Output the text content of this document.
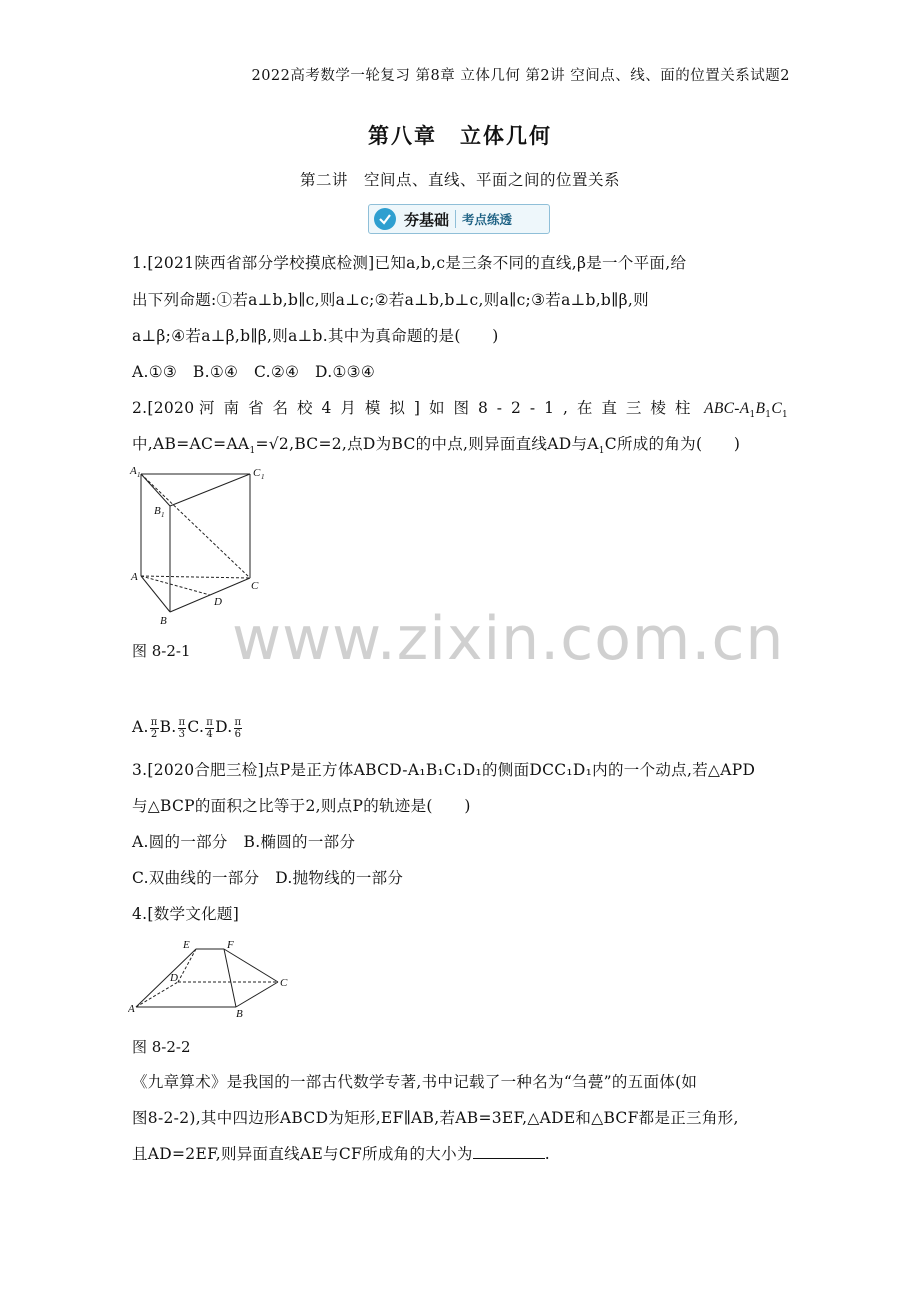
2022高考数学一轮复习 第8章 立体几何 第2讲 空间点、线、面的位置关系试题2
第八章　立体几何
第二讲　空间点、直线、平面之间的位置关系
夯基础 考点练透
1.[2021陕西省部分学校摸底检测]已知a,b,c是三条不同的直线,β是一个平面,给
出下列命题:①若a⊥b,b∥c,则a⊥c;②若a⊥b,b⊥c,则a∥c;③若a⊥b,b∥β,则
a⊥β;④若a⊥β,b∥β,则a⊥b.其中为真命题的是(　　)
A.①③　B.①④　C.②④　D.①③④
2.[2020 河南省名校4月模拟]如图8-2-1,在直三棱柱 ABC-$A_1B_1C_1$
中$,AB=AC=AA_1=√2,BC=2$,点D为BC的中点,则异面直线AD与$A_1C$所成的角为(　　)
A 1	C 1
B 1
A
C
D
B
图 8-2-1 www.zixin.com.cn
A. $\frac{\pi}{2} B$. $\frac{\pi}{3} C$. $\frac{\pi}{4} D$. $\frac{\pi}{6}$
3.[2020合肥三检]点P是正方体ABCD-A₁B₁C₁D₁的侧面DCC₁D₁内的一个动点,若△APD
与△BCP的面积之比等于2,则点P的轨迹是(　　)
A.圆的一部分　B.椭圆的一部分
C.双曲线的一部分　D.抛物线的一部分
4.[数学文化题]
E	F
D	C
A	B
图 8-2-2
《九章算术》是我国的一部古代数学专著,书中记载了一种名为“刍甍”的五面体(如
图8-2-2),其中四边形ABCD为矩形,EF∥AB,若AB=3EF,△ADE和△BCF都是正三角形,
且AD=2EF,则异面直线AE与CF所成角的大小为	.
